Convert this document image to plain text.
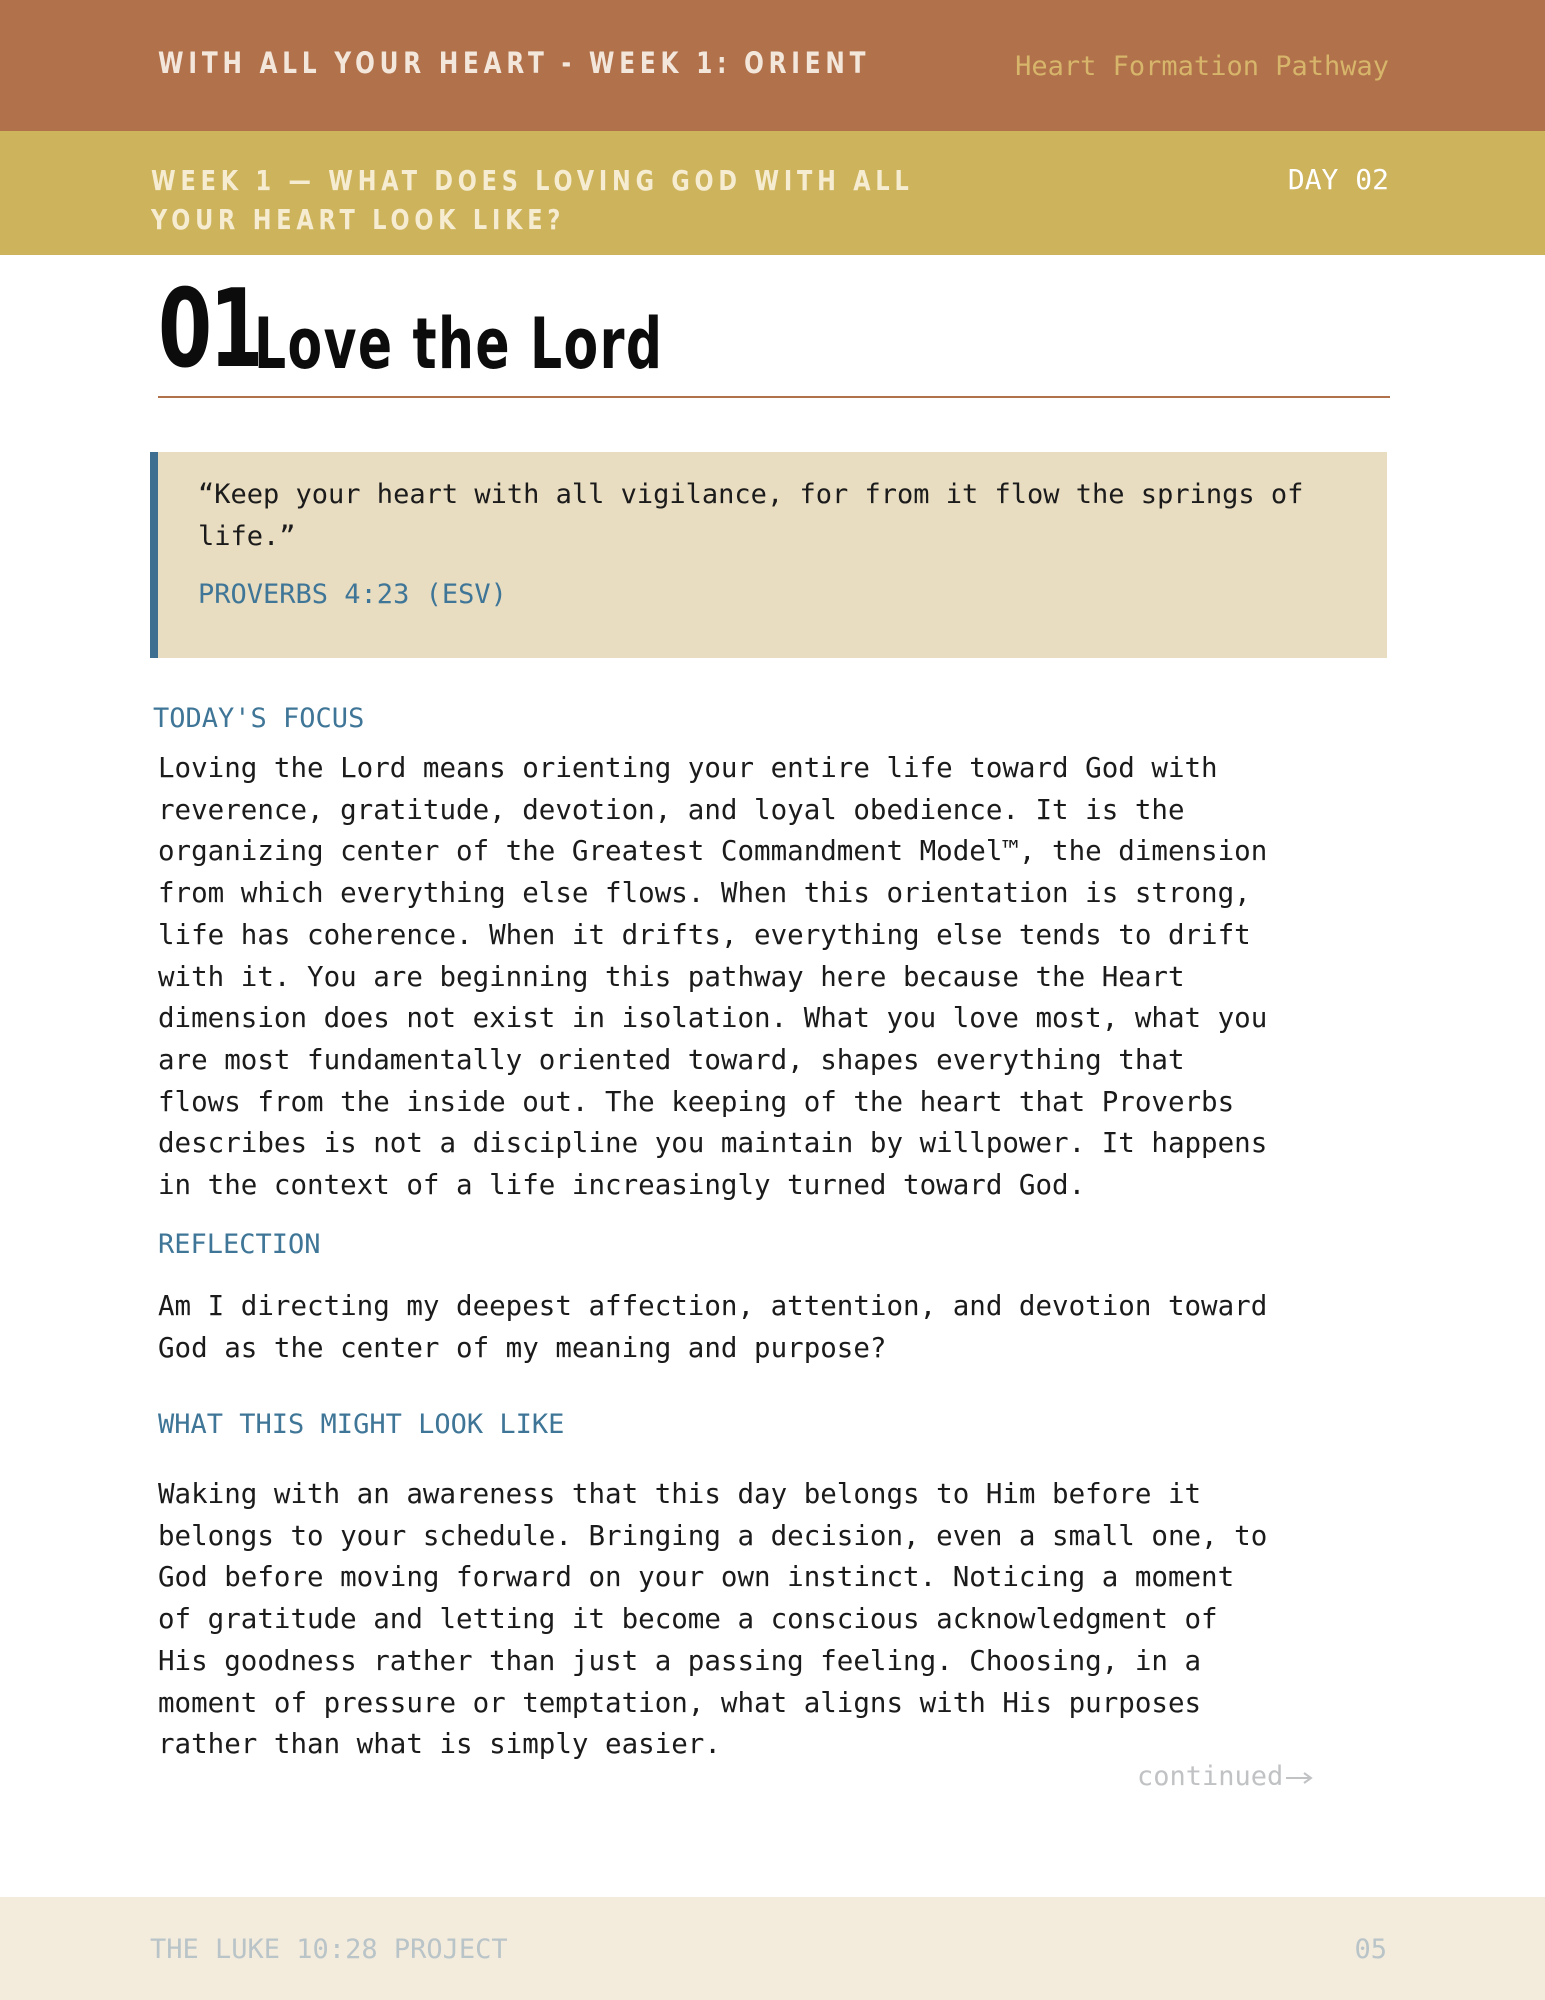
WITH ALL YOUR HEART - WEEK 1: ORIENT	Heart Formation Pathway
WEEK 1 — WHAT DOES LOVING GOD WITH ALL YOUR HEART LOOK LIKE?
DAY 02
01
Love the Lord

“Keep your heart with all vigilance, for from it flow the springs of life.”

PROVERBS 4:23 (ESV)

TODAY'S FOCUS

Loving the Lord means orienting your entire life toward God with reverence, gratitude, devotion, and loyal obedience. It is the organizing center of the Greatest Commandment Model™, the dimension from which everything else flows. When this orientation is strong, life has coherence. When it drifts, everything else tends to drift with it. You are beginning this pathway here because the Heart dimension does not exist in isolation. What you love most, what you are most fundamentally oriented toward, shapes everything that flows from the inside out. The keeping of the heart that Proverbs describes is not a discipline you maintain by willpower. It happens in the context of a life increasingly turned toward God.

REFLECTION

Am I directing my deepest affection, attention, and devotion toward God as the center of my meaning and purpose?

WHAT THIS MIGHT LOOK LIKE

Waking with an awareness that this day belongs to Him before it belongs to your schedule. Bringing a decision, even a small one, to God before moving forward on your own instinct. Noticing a moment of gratitude and letting it become a conscious acknowledgment of His goodness rather than just a passing feeling. Choosing, in a moment of pressure or temptation, what aligns with His purposes rather than what is simply easier.

continued
THE LUKE 10:28 PROJECT	05
